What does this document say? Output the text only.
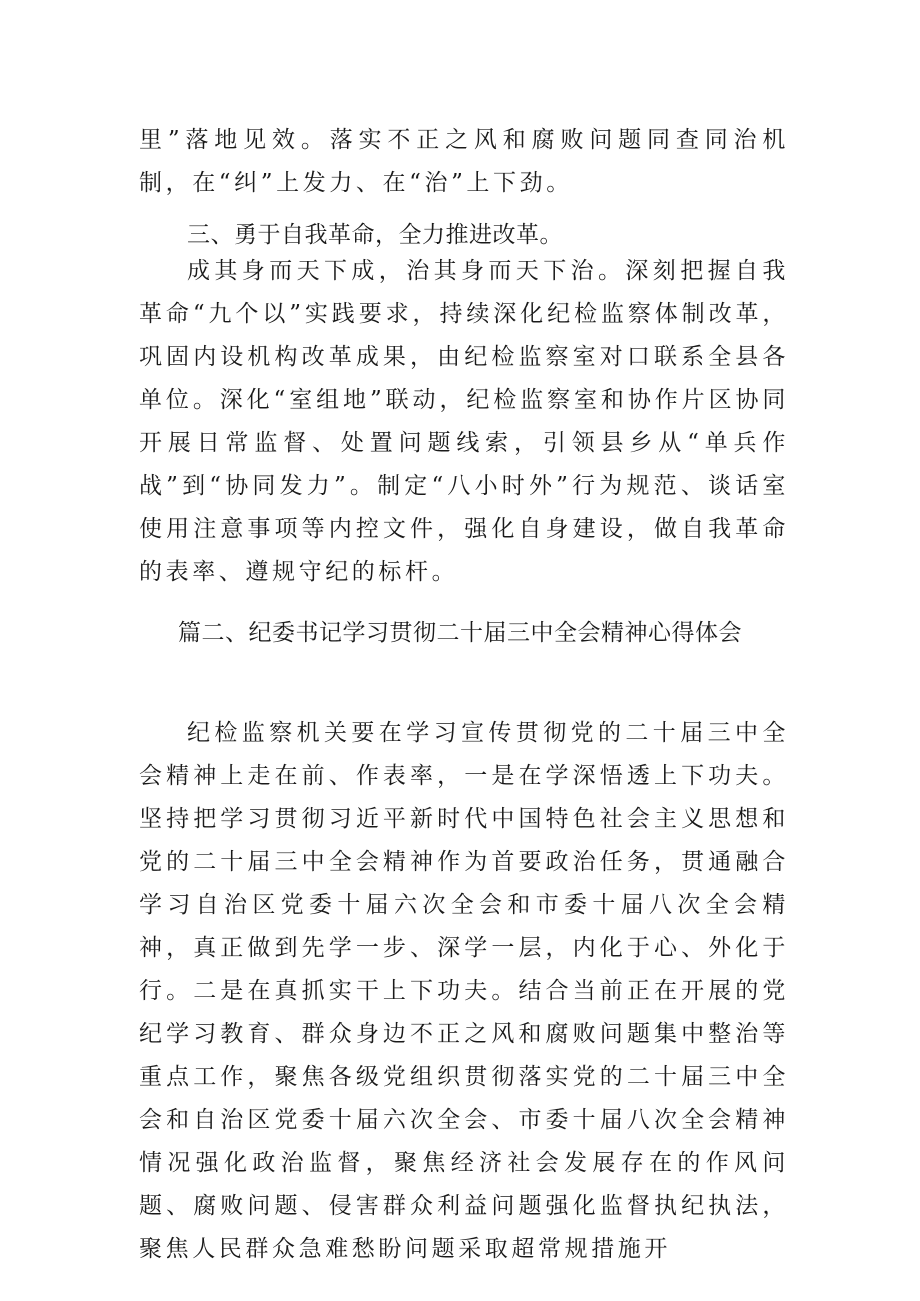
里”落地见效。落实不正之风和腐败问题同查同治机制，在“纠”上发力、在“治”上下劲。

三、勇于自我革命，全力推进改革。

成其身而天下成，治其身而天下治。深刻把握自我革命“九个以”实践要求，持续深化纪检监察体制改革，巩固内设机构改革成果，由纪检监察室对口联系全县各单位。深化“室组地”联动，纪检监察室和协作片区协同开展日常监督、处置问题线索，引领县乡从“单兵作战”到“协同发力”。制定“八小时外”行为规范、谈话室使用注意事项等内控文件，强化自身建设，做自我革命的表率、遵规守纪的标杆。

篇二、纪委书记学习贯彻二十届三中全会精神心得体会

纪检监察机关要在学习宣传贯彻党的二十届三中全会精神上走在前、作表率，一是在学深悟透上下功夫。坚持把学习贯彻习近平新时代中国特色社会主义思想和党的二十届三中全会精神作为首要政治任务，贯通融合学习自治区党委十届六次全会和市委十届八次全会精神，真正做到先学一步、深学一层，内化于心、外化于行。二是在真抓实干上下功夫。结合当前正在开展的党纪学习教育、群众身边不正之风和腐败问题集中整治等重点工作，聚焦各级党组织贯彻落实党的二十届三中全会和自治区党委十届六次全会、市委十届八次全会精神情况强化政治监督，聚焦经济社会发展存在的作风问题、腐败问题、侵害群众利益问题强化监督执纪执法，聚焦人民群众急难愁盼问题采取超常规措施开
